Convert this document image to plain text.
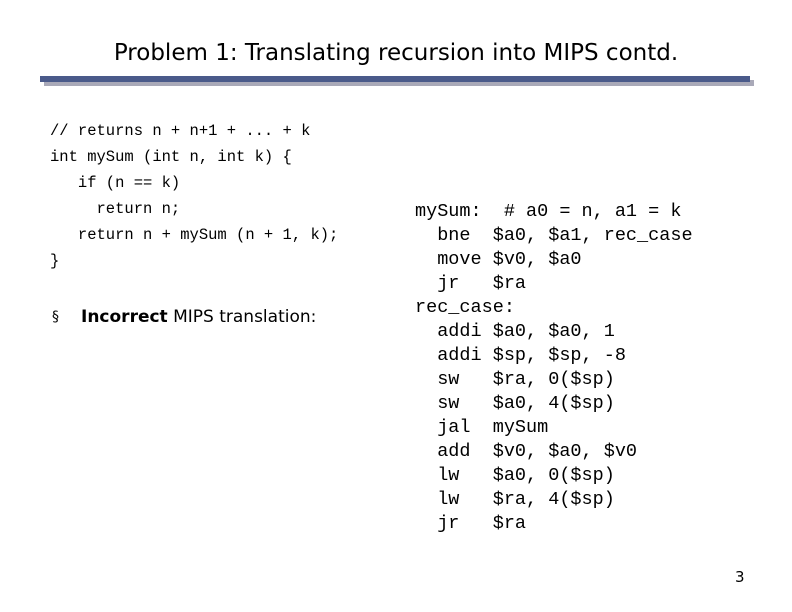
Problem 1: Translating recursion into MIPS contd.
// returns n + n+1 + ... + k
int mySum (int n, int k) {
if (n == k)
return n;
return n + mySum (n + 1, k);
}
§ Incorrect MIPS translation:
mySum:  # a0 = n, a1 = k
bne  $a0, $a1, rec_case
move $v0, $a0
jr   $ra
rec_case:
addi $a0, $a0, 1
addi $sp, $sp, -8
sw   $ra, 0($sp)
sw   $a0, 4($sp)
jal  mySum
add  $v0, $a0, $v0
lw   $a0, 0($sp)
lw   $ra, 4($sp)
jr   $ra
3
